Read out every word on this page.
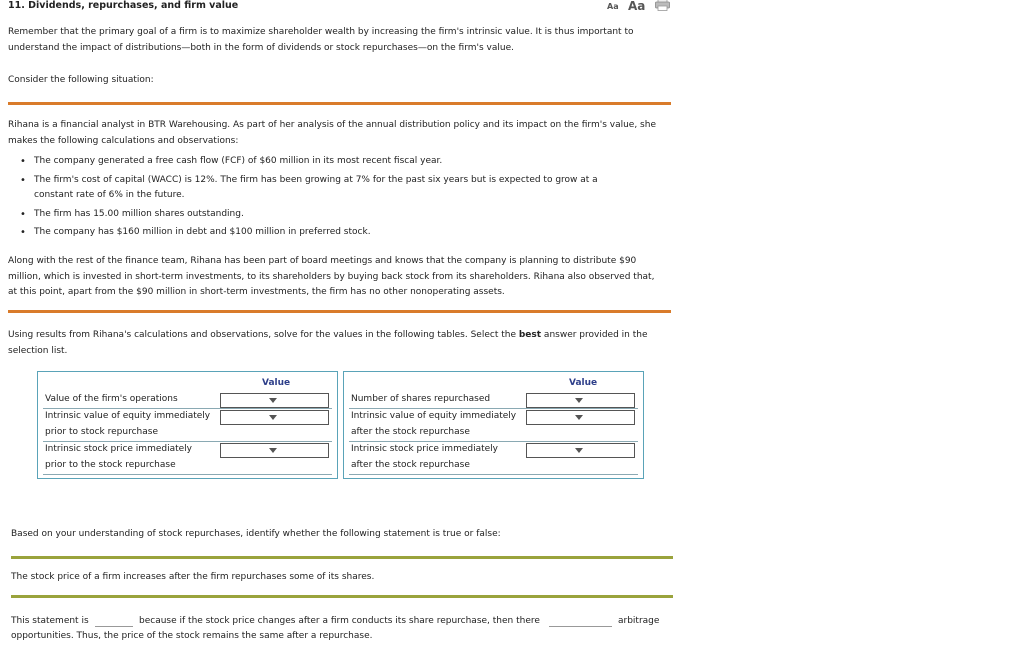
11. Dividends, repurchases, and firm value	Aa Aa
Remember that the primary goal of a firm is to maximize shareholder wealth by increasing the firm's intrinsic value. It is thus important to
understand the impact of distributions—both in the form of dividends or stock repurchases—on the firm's value.
Consider the following situation:
Rihana is a financial analyst in BTR Warehousing. As part of her analysis of the annual distribution policy and its impact on the firm's value, she
makes the following calculations and observations:
• The company generated a free cash flow (FCF) of $60 million in its most recent fiscal year.
• The firm's cost of capital (WACC) is 12%. The firm has been growing at 7% for the past six years but is expected to grow at a
constant rate of 6% in the future.
• The firm has 15.00 million shares outstanding.
• The company has $160 million in debt and $100 million in preferred stock.
Along with the rest of the finance team, Rihana has been part of board meetings and knows that the company is planning to distribute $90
million, which is invested in short-term investments, to its shareholders by buying back stock from its shareholders. Rihana also observed that,
at this point, apart from the $90 million in short-term investments, the firm has no other nonoperating assets.
Using results from Rihana's calculations and observations, solve for the values in the following tables. Select the best answer provided in the
selection list.
Value
Value of the firm's operations
Intrinsic value of equity immediately
prior to stock repurchase
Intrinsic stock price immediately
prior to the stock repurchase
Value
Number of shares repurchased
Intrinsic value of equity immediately
after the stock repurchase
Intrinsic stock price immediately
after the stock repurchase
Based on your understanding of stock repurchases, identify whether the following statement is true or false:
The stock price of a firm increases after the firm repurchases some of its shares.
This statement is	because if the stock price changes after a firm conducts its share repurchase, then there	arbitrage
opportunities. Thus, the price of the stock remains the same after a repurchase.
